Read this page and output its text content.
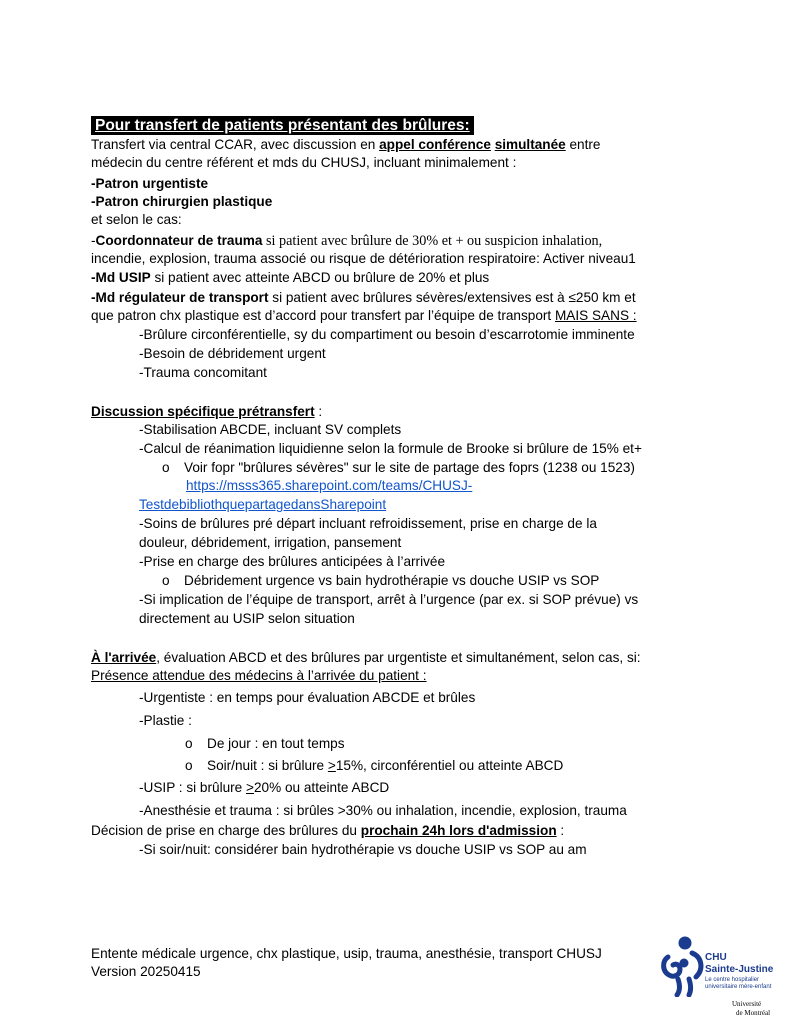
Pour transfert de patients présentant des brûlures:
Transfert via central CCAR, avec discussion en appel conférence simultanée entre
médecin du centre référent et mds du CHUSJ, incluant minimalement :
-Patron urgentiste
-Patron chirurgien plastique
et selon le cas:
-Coordonnateur de trauma si patient avec brûlure de 30% et + ou suspicion inhalation,
incendie, explosion, trauma associé ou risque de détérioration respiratoire: Activer niveau1
-Md USIP si patient avec atteinte ABCD ou brûlure de 20% et plus
-Md régulateur de transport si patient avec brûlures sévères/extensives est à ≤250 km et
que patron chx plastique est d’accord pour transfert par l’équipe de transport MAIS SANS :
-Brûlure circonférentielle, sy du compartiment ou besoin d’escarrotomie imminente
-Besoin de débridement urgent
-Trauma concomitant
Discussion spécifique prétransfert :
-Stabilisation ABCDE, incluant SV complets
-Calcul de réanimation liquidienne selon la formule de Brooke si brûlure de 15% et+
o Voir fopr "brûlures sévères" sur le site de partage des foprs (1238 ou 1523)
https://msss365.sharepoint.com/teams/CHUSJ-
TestdebibliothquepartagedansSharepoint
-Soins de brûlures pré départ incluant refroidissement, prise en charge de la
douleur, débridement, irrigation, pansement
-Prise en charge des brûlures anticipées à l’arrivée
o Débridement urgence vs bain hydrothérapie vs douche USIP vs SOP
-Si implication de l’équipe de transport, arrêt à l’urgence (par ex. si SOP prévue) vs
directement au USIP selon situation
À l'arrivée, évaluation ABCD et des brûlures par urgentiste et simultanément, selon cas, si:
Présence attendue des médecins à l’arrivée du patient :
-Urgentiste : en temps pour évaluation ABCDE et brûles
-Plastie :
o De jour : en tout temps
o Soir/nuit : si brûlure >15%, circonférentiel ou atteinte ABCD
-USIP : si brûlure >20% ou atteinte ABCD
-Anesthésie et trauma : si brûles >30% ou inhalation, incendie, explosion, trauma
Décision de prise en charge des brûlures du prochain 24h lors d'admission :
-Si soir/nuit: considérer bain hydrothérapie vs douche USIP vs SOP au am
Entente médicale urgence, chx plastique, usip, trauma, anesthésie, transport CHUSJ
Version 20250415
CHU
Sainte-Justine
Le centre hospitalier
universitaire mère-enfant
Université
de Montréal
